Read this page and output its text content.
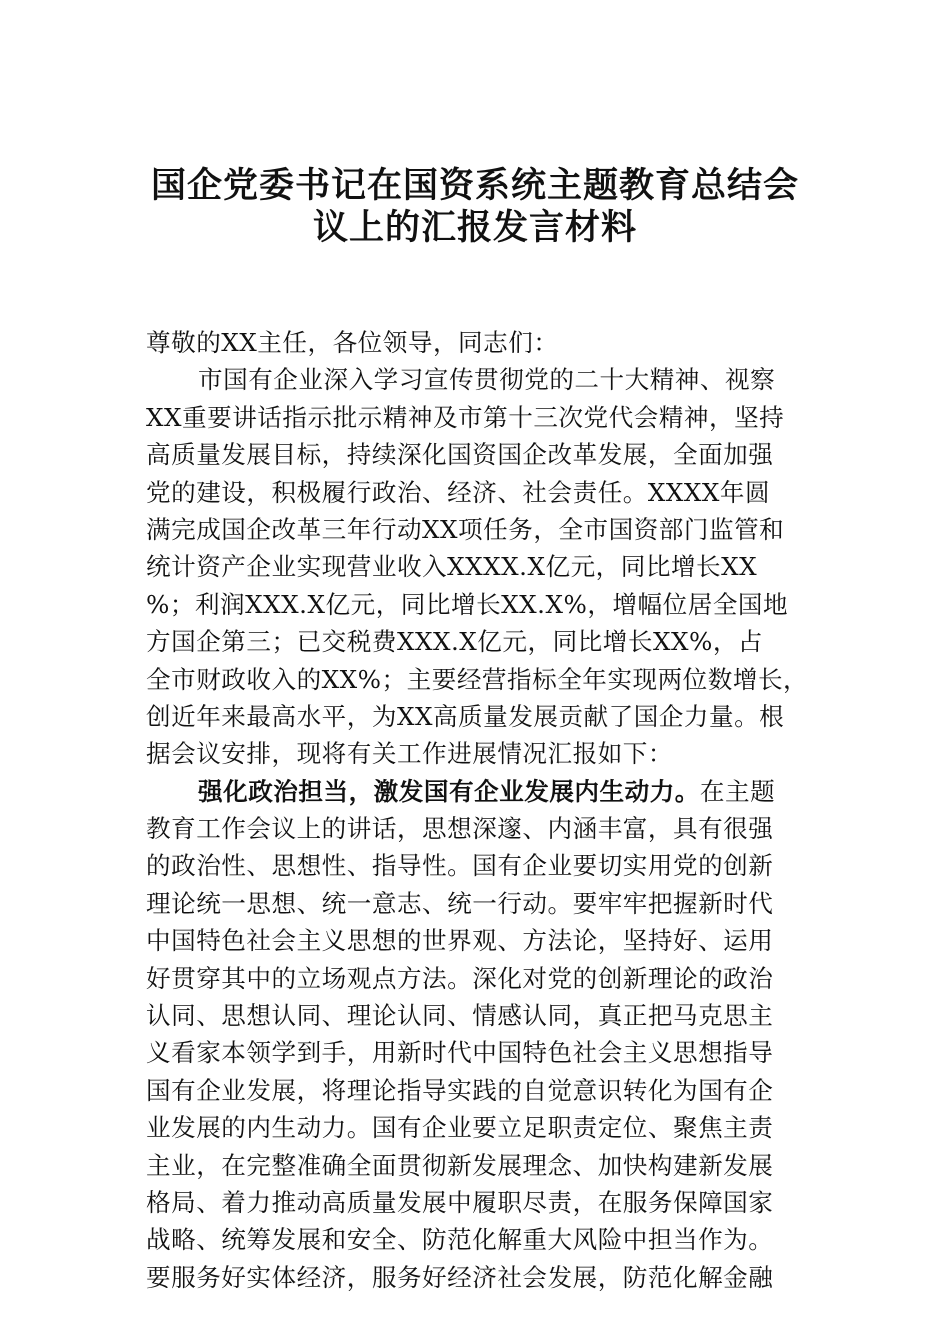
国企党委书记在国资系统主题教育总结会
议上的汇报发言材料
尊敬的XX主任，各位领导，同志们：
市国有企业深入学习宣传贯彻党的二十大精神、视察
XX重要讲话指示批示精神及市第十三次党代会精神，坚持
高质量发展目标，持续深化国资国企改革发展，全面加强
党的建设，积极履行政治、经济、社会责任。XXXX年圆
满完成国企改革三年行动XX项任务，全市国资部门监管和
统计资产企业实现营业收入XXXX.X亿元，同比增长XX
%；利润XXX.X亿元，同比增长XX.X%，增幅位居全国地
方国企第三；已交税费XXX.X亿元，同比增长XX%，占
全市财政收入的XX%；主要经营指标全年实现两位数增长，
创近年来最高水平，为XX高质量发展贡献了国企力量。根
据会议安排，现将有关工作进展情况汇报如下：
强化政治担当，激发国有企业发展内生动力。在主题
教育工作会议上的讲话，思想深邃、内涵丰富，具有很强
的政治性、思想性、指导性。国有企业要切实用党的创新
理论统一思想、统一意志、统一行动。要牢牢把握新时代
中国特色社会主义思想的世界观、方法论，坚持好、运用
好贯穿其中的立场观点方法。深化对党的创新理论的政治
认同、思想认同、理论认同、情感认同，真正把马克思主
义看家本领学到手，用新时代中国特色社会主义思想指导
国有企业发展，将理论指导实践的自觉意识转化为国有企
业发展的内生动力。国有企业要立足职责定位、聚焦主责
主业，在完整准确全面贯彻新发展理念、加快构建新发展
格局、着力推动高质量发展中履职尽责，在服务保障国家
战略、统筹发展和安全、防范化解重大风险中担当作为。
要服务好实体经济，服务好经济社会发展，防范化解金融
